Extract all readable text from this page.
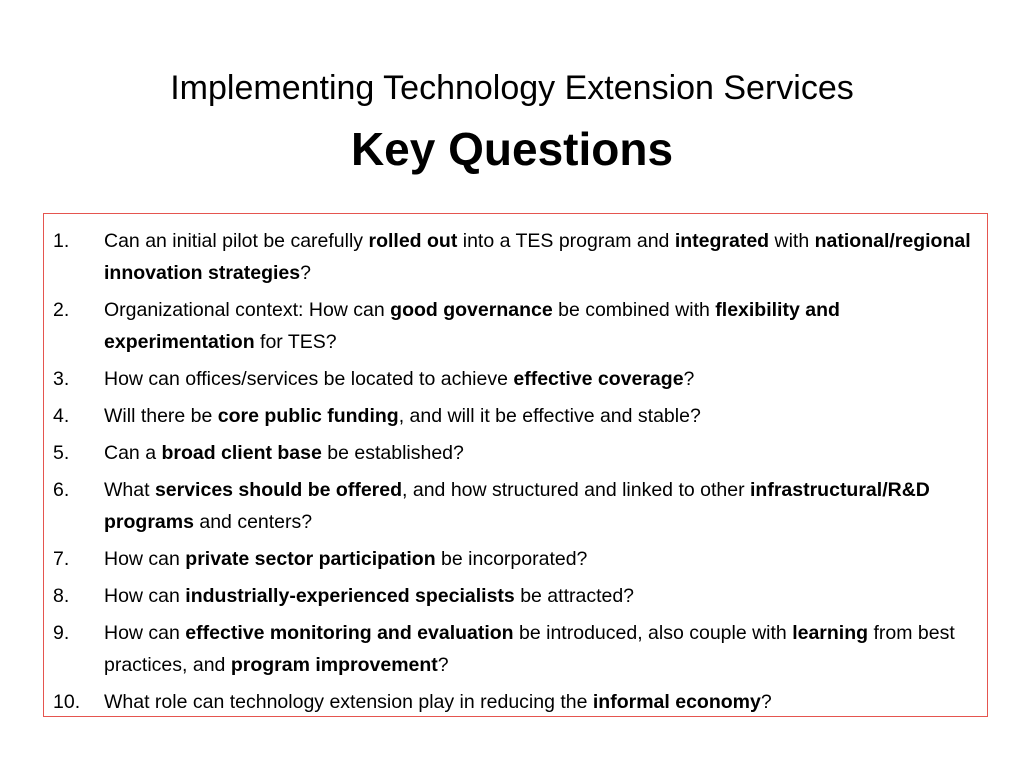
Implementing Technology Extension Services
Key Questions
1.	Can an initial pilot be carefully rolled out into a TES program and integrated with national/regional innovation strategies?
2.	Organizational context: How can good governance be combined with flexibility and experimentation for TES?
3.	How can offices/services be located to achieve effective coverage?
4.	Will there be core public funding, and will it be effective and stable?
5.	Can a broad client base be established?
6.	What services should be offered, and how structured and linked to other infrastructural/R&D programs and centers?
7.	How can private sector participation be incorporated?
8.	How can industrially-experienced specialists be attracted?
9.	How can effective monitoring and evaluation be introduced, also couple with learning from best practices, and program improvement?
10.	What role can technology extension play in reducing the informal economy?
